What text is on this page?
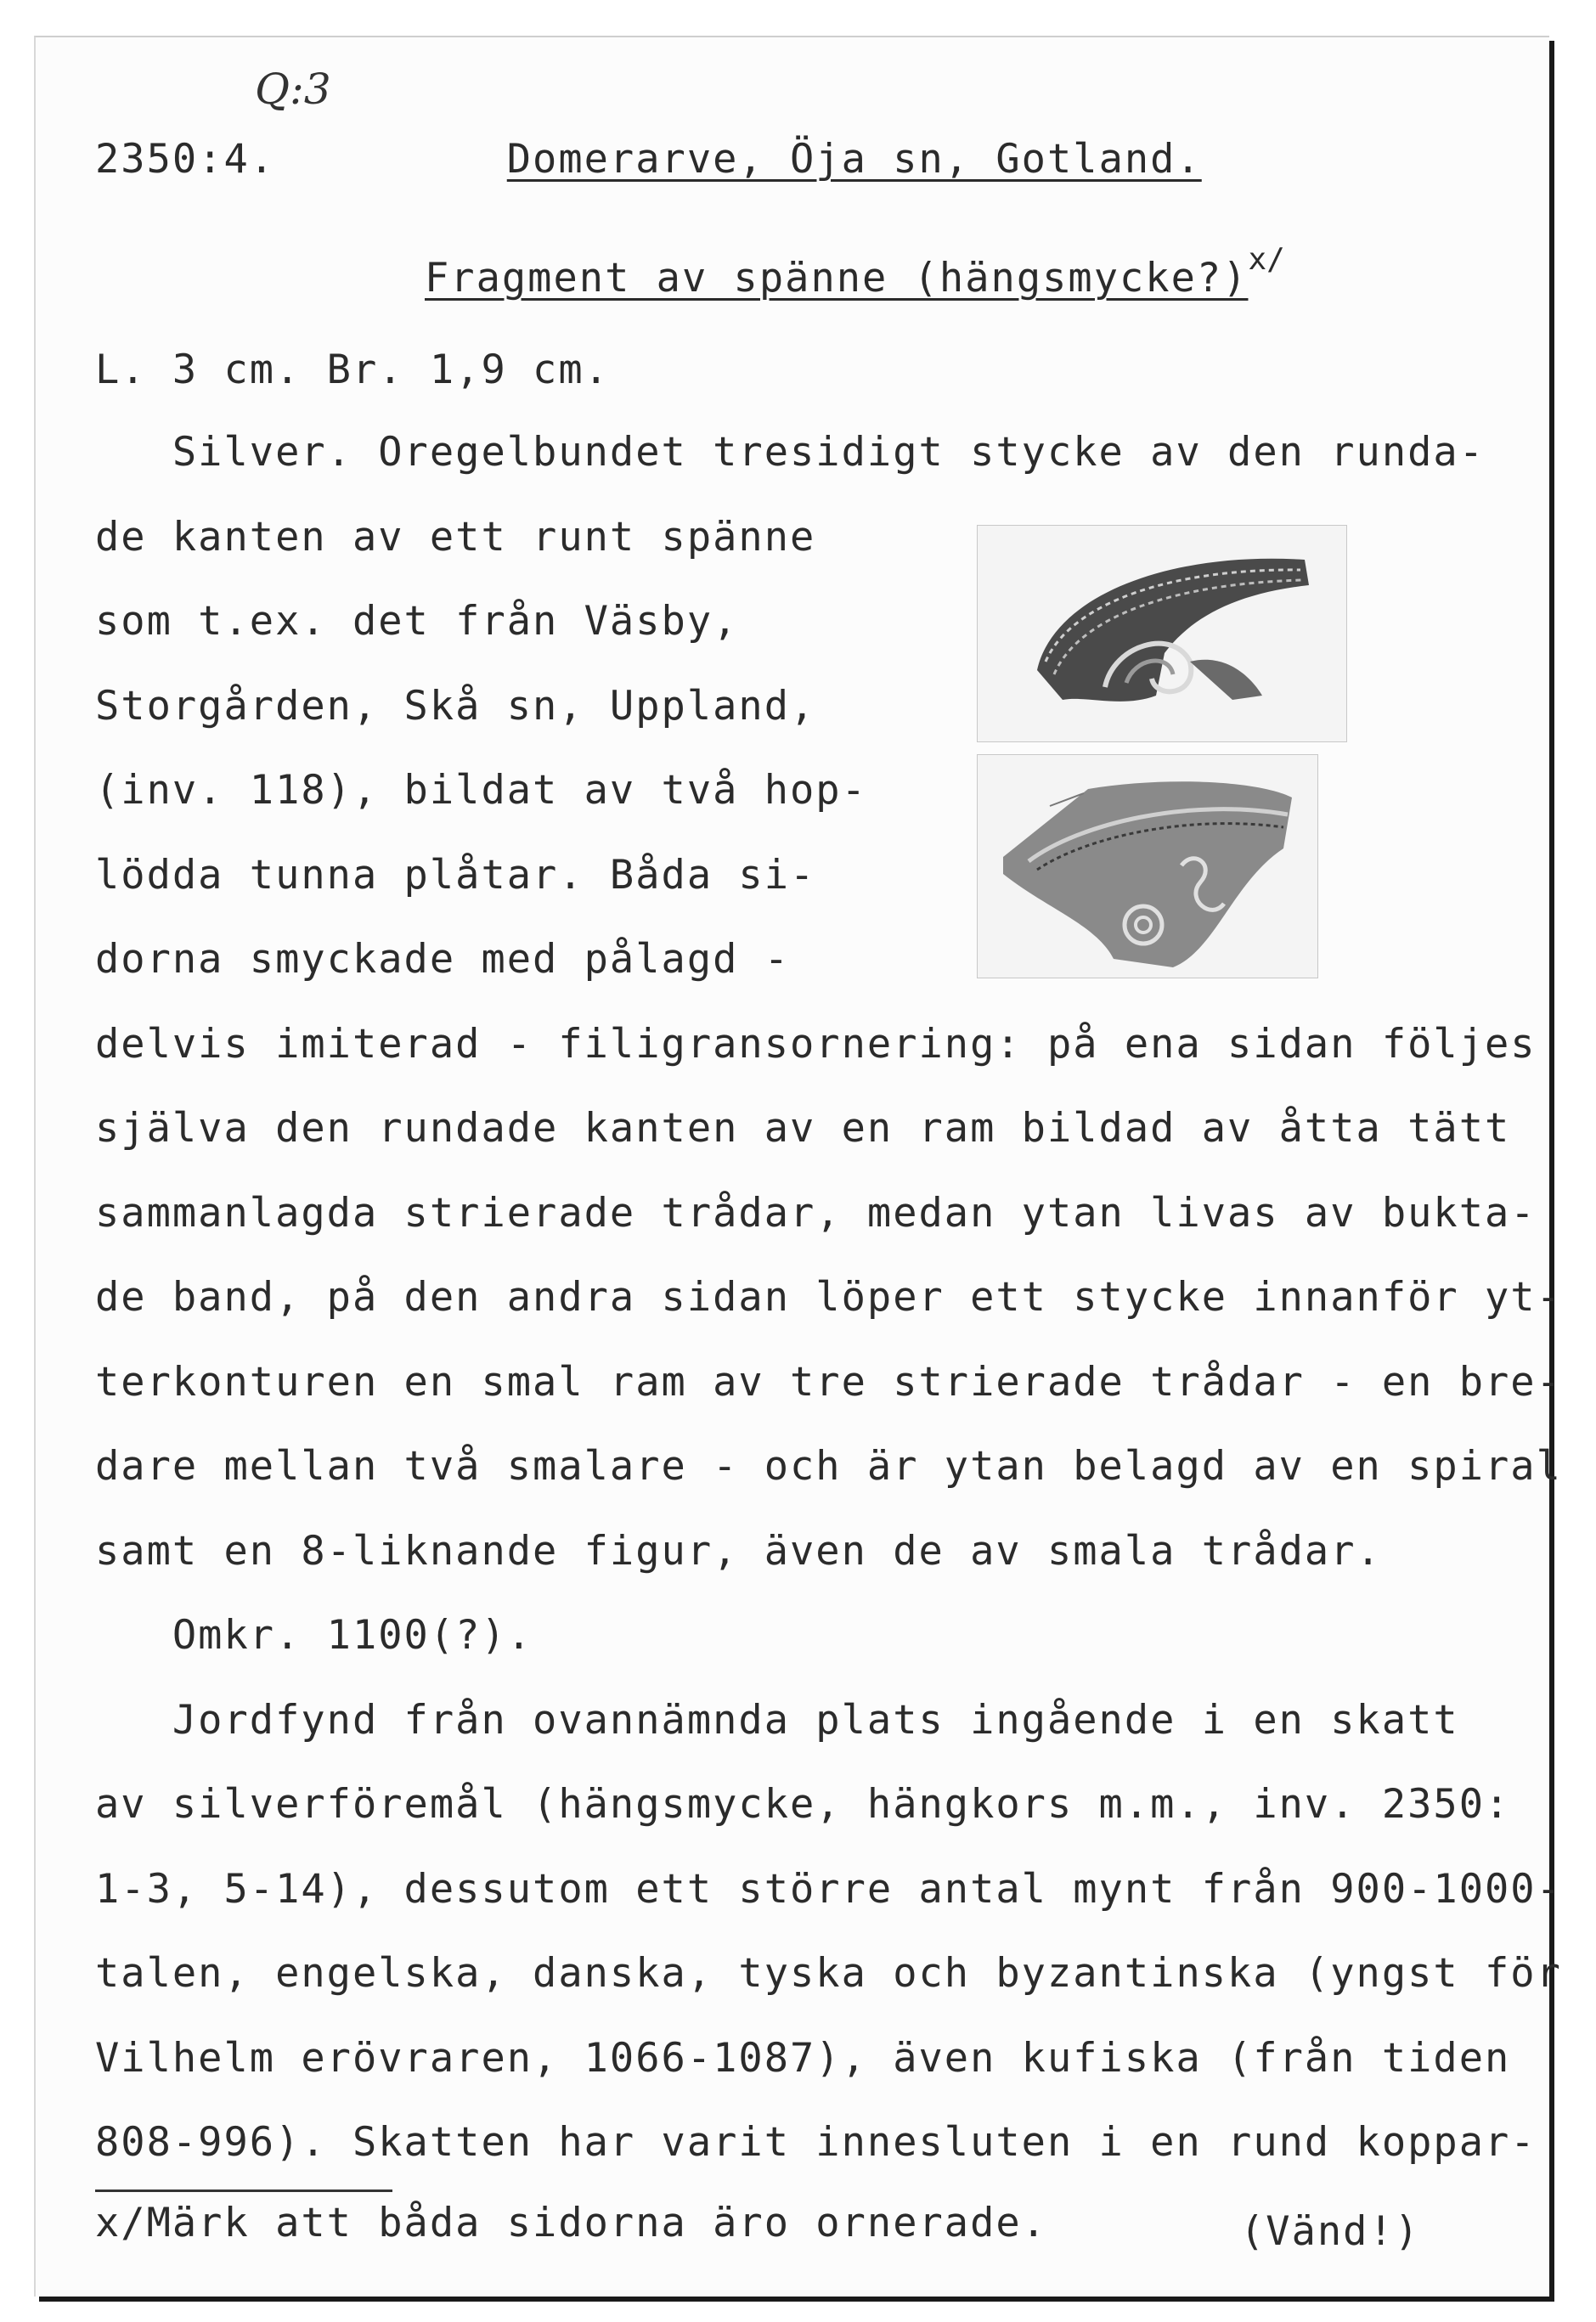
Q:3
2350:4.	Domerarve, Öja sn, Gotland.
Fragment av spänne (hängsmycke?)$^{x/}$
L. 3 cm. Br. 1,9 cm.
Silver. Oregelbundet tresidigt stycke av den runda-
de kanten av ett runt spänne
som t.ex. det från Väsby,
Storgården, Skå sn, Uppland,
(inv. 118), bildat av två hop-
lödda tunna plåtar. Båda si-
dorna smyckade med pålagd -
delvis imiterad - filigransornering: på ena sidan följes
själva den rundade kanten av en ram bildad av åtta tätt
sammanlagda strierade trådar, medan ytan livas av bukta-
de band, på den andra sidan löper ett stycke innanför yt-
terkonturen en smal ram av tre strierade trådar - en bre-
dare mellan två smalare - och är ytan belagd av en spiral
samt en 8-liknande figur, även de av smala trådar.
Omkr. 1100(?).
Jordfynd från ovannämnda plats ingående i en skatt
av silverföremål (hängsmycke, hängkors m.m., inv. 2350:
1-3, 5-14), dessutom ett större antal mynt från 900-1000-
talen, engelska, danska, tyska och byzantinska (yngst för
Vilhelm erövraren, 1066-1087), även kufiska (från tiden
808-996). Skatten har varit innesluten i en rund koppar-
x/Märk att båda sidorna äro ornerade.	(Vänd!)
